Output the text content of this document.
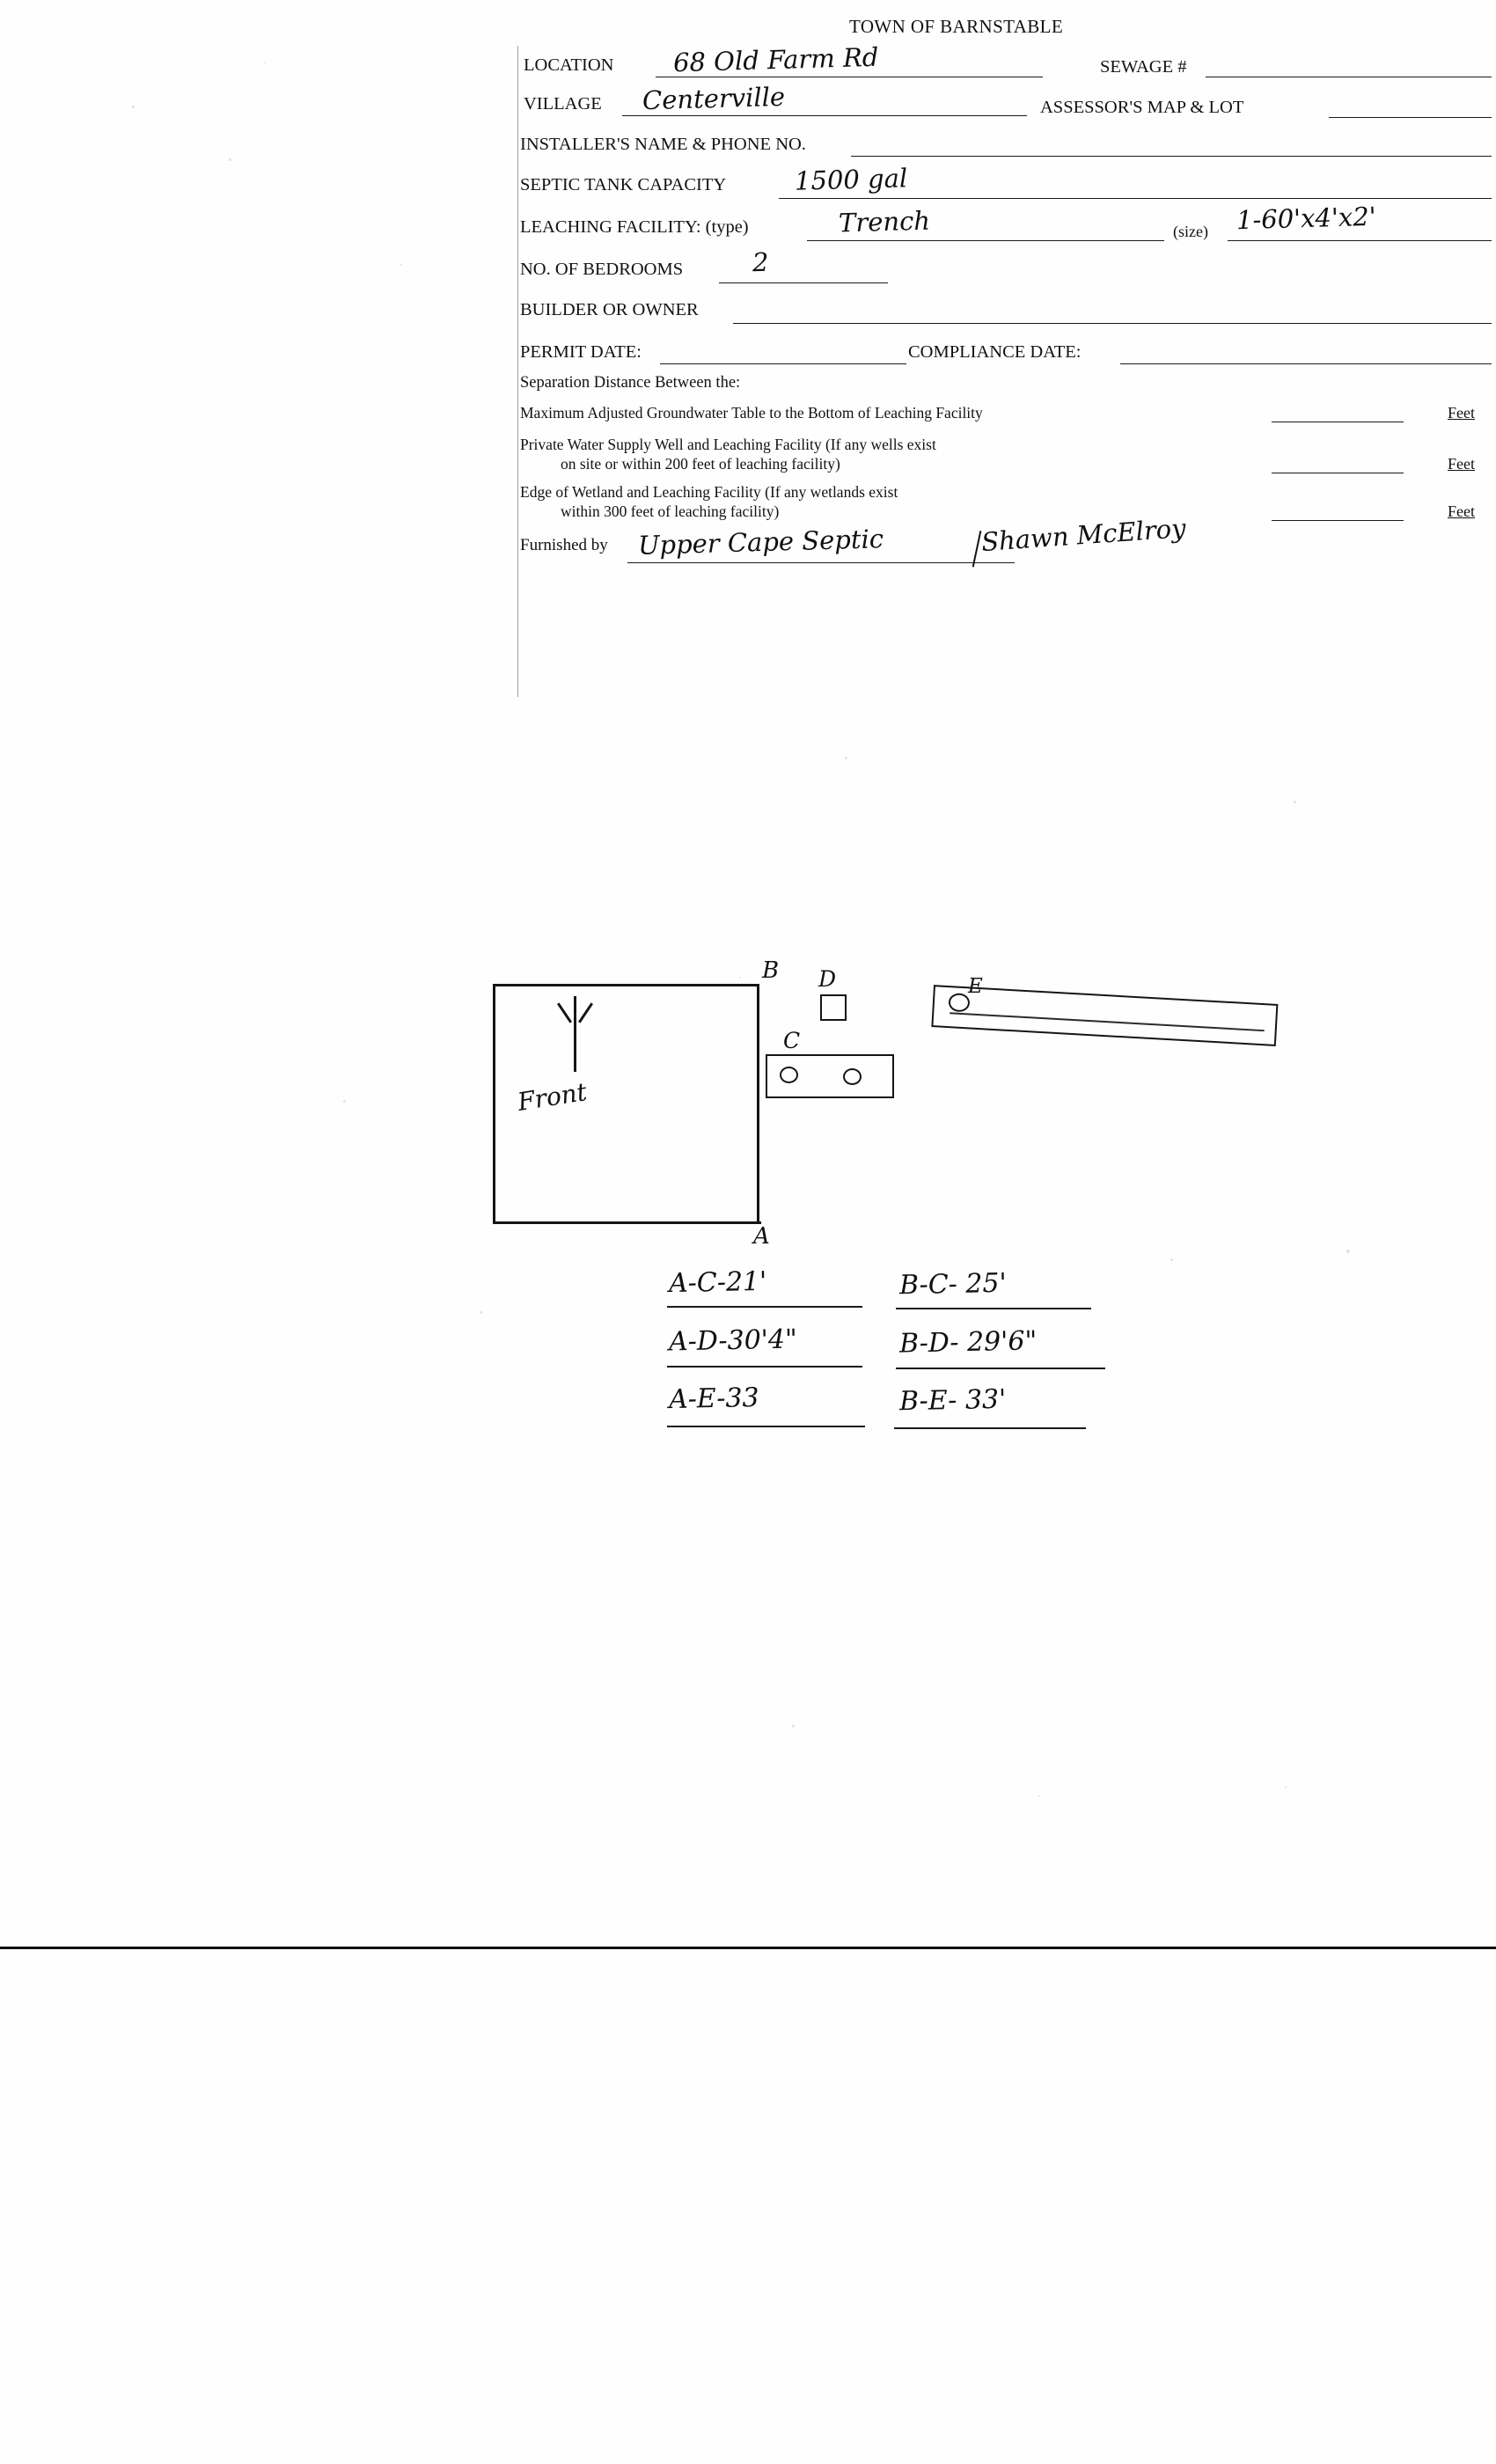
TOWN OF BARNSTABLE
LOCATION 68 Old Farm Rd	SEWAGE #
VILLAGE Centerville	ASSESSOR'S MAP & LOT
INSTALLER'S NAME & PHONE NO.
SEPTIC TANK CAPACITY	1500 gal
LEACHING FACILITY: (type)	Trench	(size) 1-60'x4'x2'
NO. OF BEDROOMS	2
BUILDER OR OWNER
PERMIT DATE:	COMPLIANCE DATE:
Separation Distance Between the:
Maximum Adjusted Groundwater Table to the Bottom of Leaching Facility	Feet
Private Water Supply Well and Leaching Facility (If any wells exist
on site or within 200 feet of leaching facility)	Feet
Edge of Wetland and Leaching Facility (If any wetlands exist
within 300 feet of leaching facility)	Feet
Furnished by Upper Cape Septic	Shawn McElroy
B
A
Front
D
C
E
A-C-21'	B-C- 25'
A-D-30'4"	B-D- 29'6"
A-E-33	B-E- 33'
